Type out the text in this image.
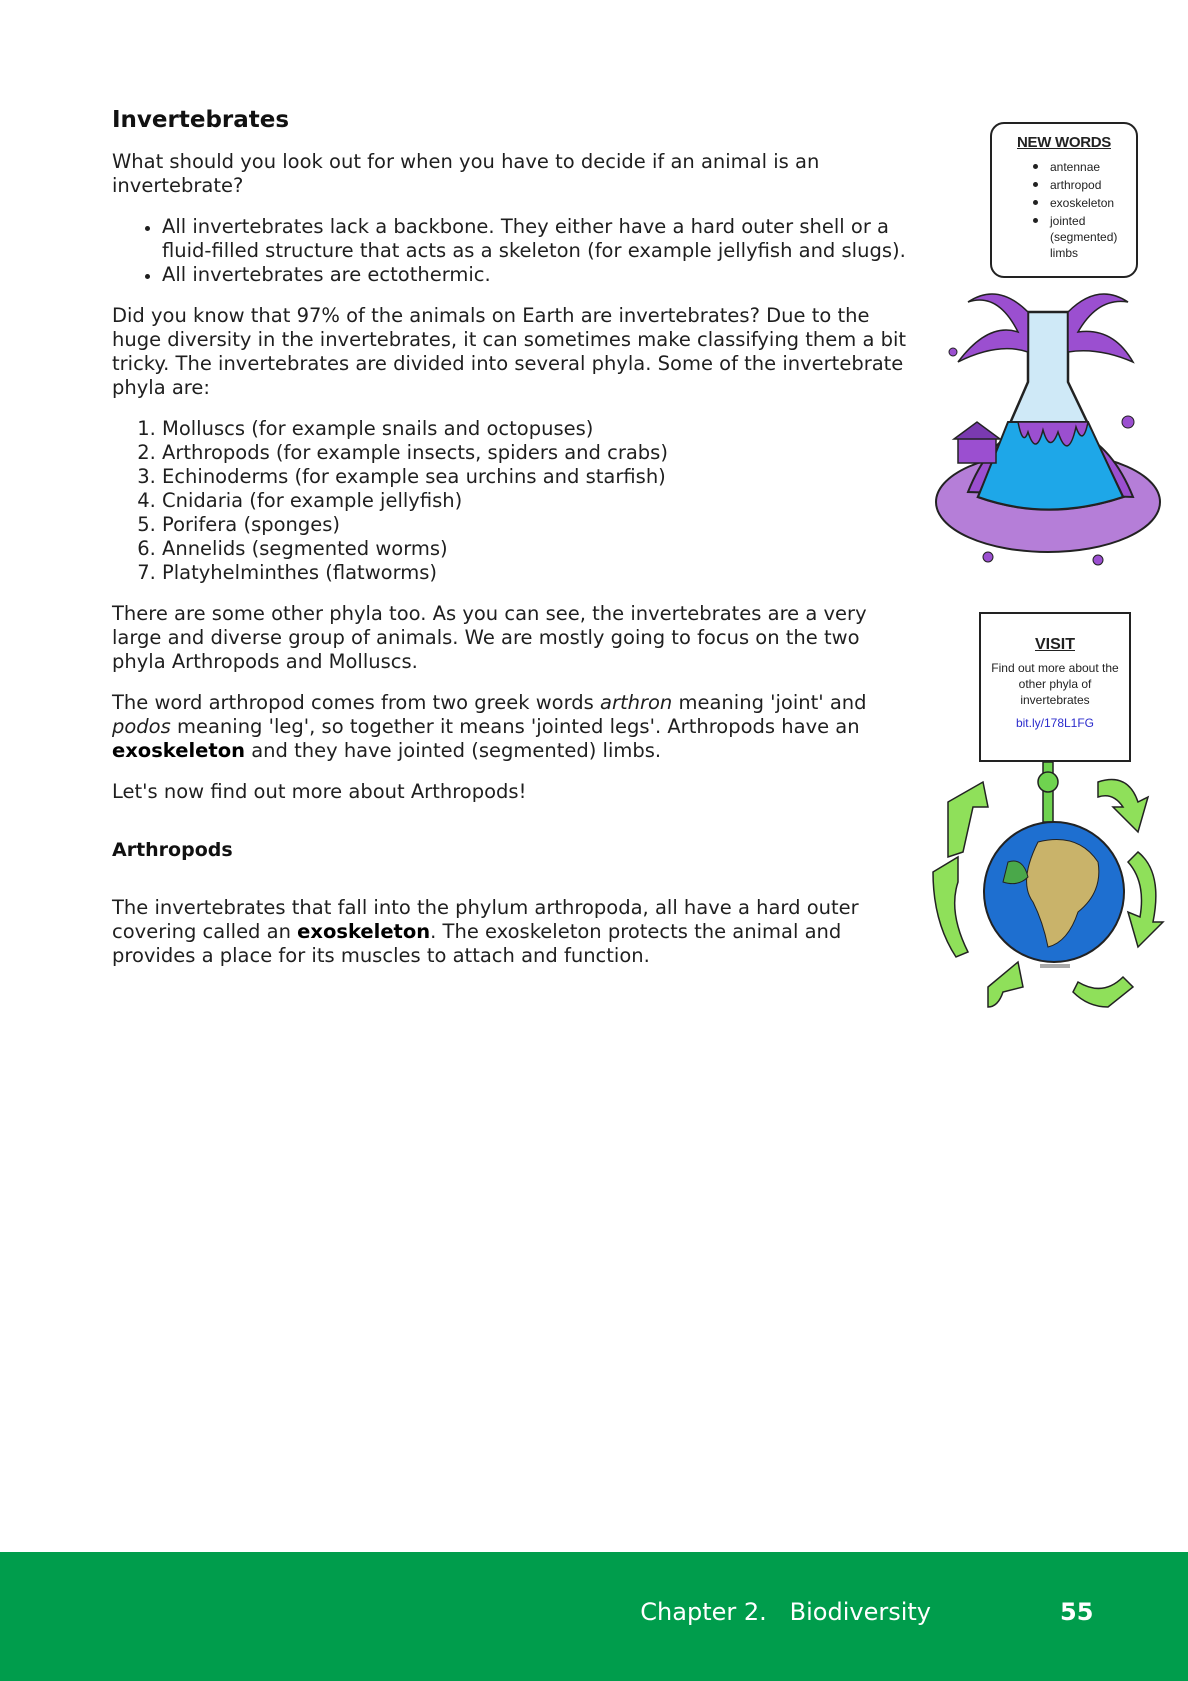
Invertebrates

What should you look out for when you have to decide if an animal is an invertebrate?

• All invertebrates lack a backbone. They either have a hard outer shell or a fluid-filled structure that acts as a skeleton (for example jellyfish and slugs).
• All invertebrates are ectothermic.

Did you know that 97% of the animals on Earth are invertebrates? Due to the huge diversity in the invertebrates, it can sometimes make classifying them a bit tricky. The invertebrates are divided into several phyla. Some of the invertebrate phyla are:

1. Molluscs (for example snails and octopuses)
2. Arthropods (for example insects, spiders and crabs)
3. Echinoderms (for example sea urchins and starfish)
4. Cnidaria (for example jellyfish)
5. Porifera (sponges)
6. Annelids (segmented worms)
7. Platyhelminthes (flatworms)

There are some other phyla too. As you can see, the invertebrates are a very large and diverse group of animals. We are mostly going to focus on the two phyla Arthropods and Molluscs.

The word arthropod comes from two greek words arthron meaning 'joint' and podos meaning 'leg', so together it means 'jointed legs'. Arthropods have an exoskeleton and they have jointed (segmented) limbs.

Let's now find out more about Arthropods!

Arthropods

The invertebrates that fall into the phylum arthropoda, all have a hard outer covering called an exoskeleton. The exoskeleton protects the animal and provides a place for its muscles to attach and function.

NEW WORDS
• antennae
• arthropod
• exoskeleton
• jointed (segmented) limbs
VISIT
Find out more about the other phyla of invertebrates
bit.ly/178L1FG
Chapter 2.   Biodiversity	55
